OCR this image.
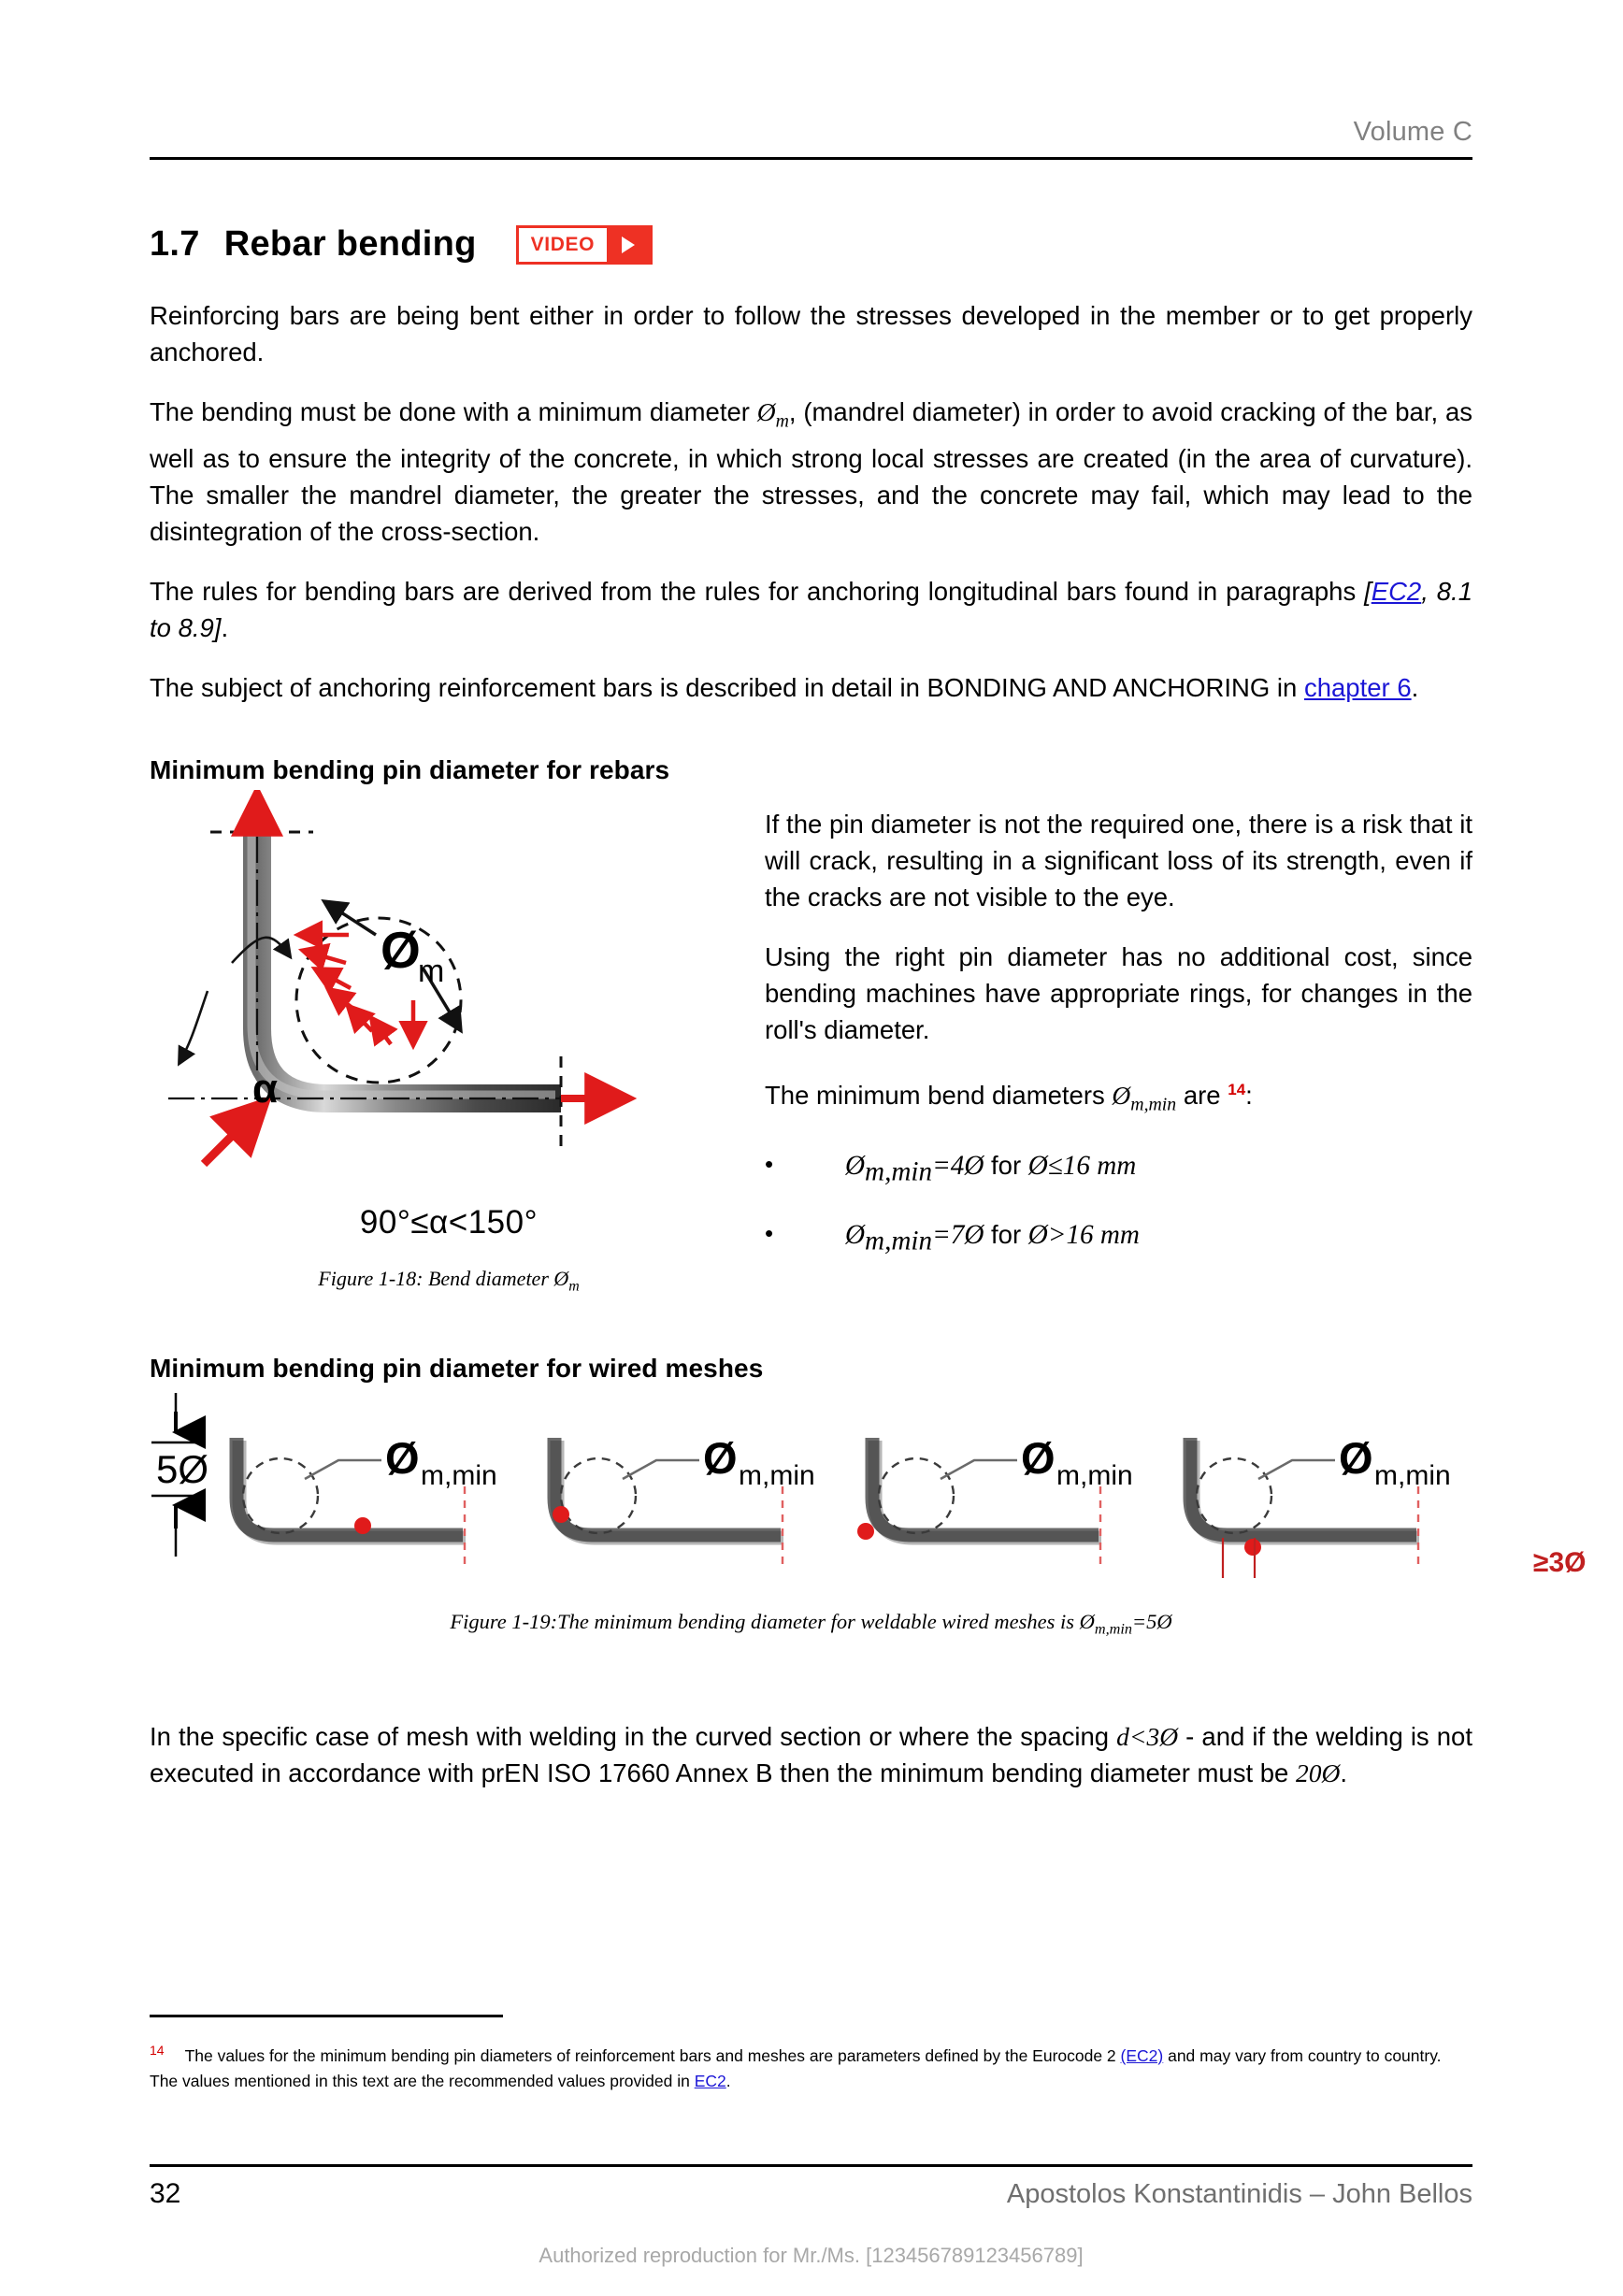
Volume C
1.7 Rebar bending	VIDEO

Reinforcing bars are being bent either in order to follow the stresses developed in the member or to get properly anchored.

The bending must be done with a minimum diameter $Ø_m$, (mandrel diameter) in order to avoid cracking of the bar, as well as to ensure the integrity of the concrete, in which strong local stresses are created (in the area of curvature). The smaller the mandrel diameter, the greater the stresses, and the concrete may fail, which may lead to the disintegration of the cross-section.

The rules for bending bars are derived from the rules for anchoring longitudinal bars found in paragraphs [EC2, 8.1 to 8.9].

The subject of anchoring reinforcement bars is described in detail in BONDING AND ANCHORING in chapter 6.

Minimum bending pin diameter for rebars
Ø
m
α
90°≤α<150°
Figure 1-18: Bend diameter $Ø_m$

If the pin diameter is not the required one, there is a risk that it will crack, resulting in a significant loss of its strength, even if the cracks are not visible to the eye.

Using the right pin diameter has no additional cost, since bending machines have appropriate rings, for changes in the roll's diameter.

The minimum bend diameters $Ø_{m,min}$ are $^{14}$:

•	Øm,min=4Ø for Ø≤16 mm
•	Øm,min=7Ø for Ø>16 mm
Minimum bending pin diameter for wired meshes
5Ø	Ø m,min	Ø m,min	Ø m,min	Ø m,min
≥3Ø
Figure 1-19:The minimum bending diameter for weldable wired meshes is $Ø_{m,min}=5Ø$

In the specific case of mesh with welding in the curved section or where the spacing d<3Ø - and if the welding is not executed in accordance with prEN ISO 17660 Annex B then the minimum bending diameter must be 20Ø.

$^{14}$ The values for the minimum bending pin diameters of reinforcement bars and meshes are parameters defined by the Eurocode 2 (EC2) and may vary from country to country. The values mentioned in this text are the recommended values provided in EC2.
32	Apostolos Konstantinidis – John Bellos
Authorized reproduction for Mr./Ms. [123456789123456789]
